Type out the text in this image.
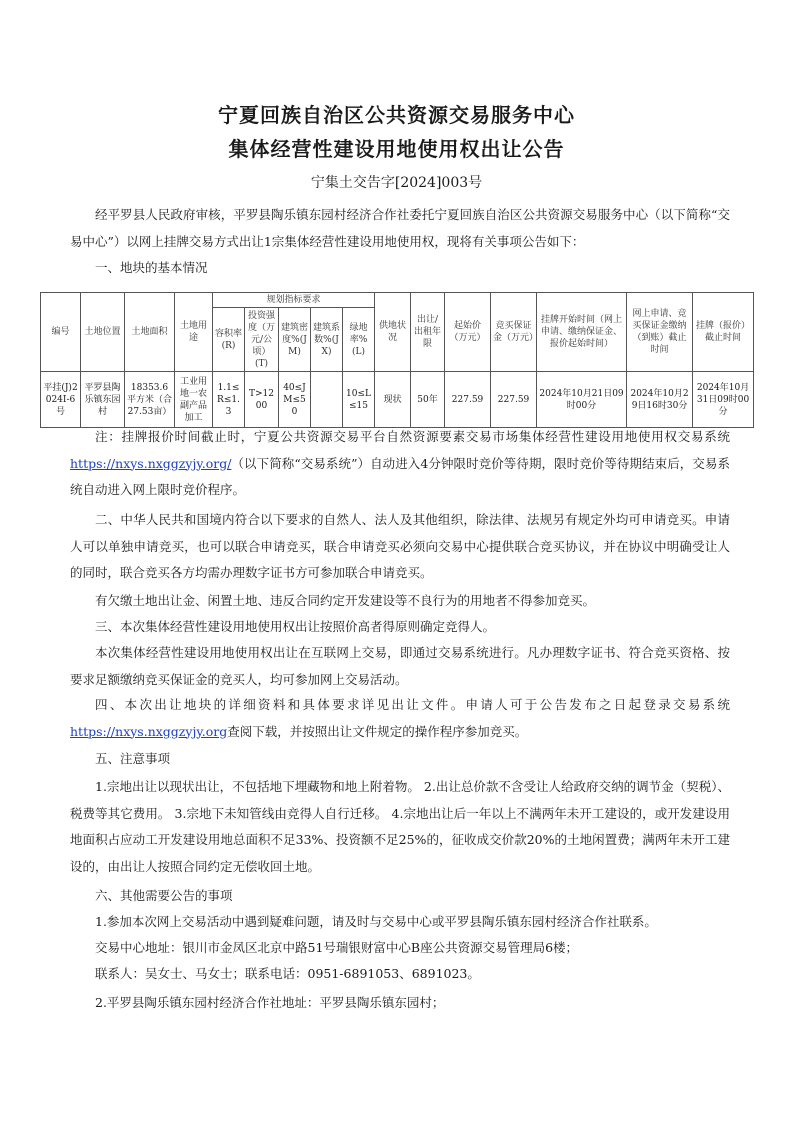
宁夏回族自治区公共资源交易服务中心
集体经营性建设用地使用权出让公告
宁集土交告字[2024]003号
经平罗县人民政府审核，平罗县陶乐镇东园村经济合作社委托宁夏回族自治区公共资源交易服务中心（以下简称“交易中心”）以网上挂牌交易方式出让1宗集体经营性建设用地使用权，现将有关事项公告如下：
一、地块的基本情况
编号	土地位置	土地面积	土地用途	规划指标要求					供地状况	出让/出租年限	起始价（万元）	竞买保证金（万元）	挂牌开始时间（网上申请、缴纳保证金、报价起始时间）	网上申请、竞买保证金缴纳（到账）截止时间	挂牌（报价）截止时间
				容积率(R)	投资强度（万元/公顷）(T)	建筑密度%(JM)	建筑系数%(JX)	绿地率%(L)							
平挂(J)2024I-6号	平罗县陶乐镇东园村	18353.6平方米（合27.53亩）	工业用地一农副产品加工	1.1≤R≤1.3	T>1200	40≤JM≤50		10≤L≤15	现状	50年	227.59	227.59	2024年10月21日09时00分	2024年10月29日16时30分	2024年10月31日09时00分
注：挂牌报价时间截止时，宁夏公共资源交易平台自然资源要素交易市场集体经营性建设用地使用权交易系统https://nxys.nxggzyjy.org/（以下简称“交易系统”）自动进入4分钟限时竞价等待期，限时竞价等待期结束后，交易系统自动进入网上限时竞价程序。
二、中华人民共和国境内符合以下要求的自然人、法人及其他组织，除法律、法规另有规定外均可申请竞买。申请人可以单独申请竞买，也可以联合申请竞买，联合申请竞买必须向交易中心提供联合竞买协议，并在协议中明确受让人的同时，联合竞买各方均需办理数字证书方可参加联合申请竞买。
有欠缴土地出让金、闲置土地、违反合同约定开发建设等不良行为的用地者不得参加竞买。
三、本次集体经营性建设用地使用权出让按照价高者得原则确定竞得人。
本次集体经营性建设用地使用权出让在互联网上交易，即通过交易系统进行。凡办理数字证书、符合竞买资格、按要求足额缴纳竞买保证金的竞买人，均可参加网上交易活动。
四、本次出让地块的详细资料和具体要求详见出让文件。申请人可于公告发布之日起登录交易系统https://nxys.nxggzyjy.org查阅下载，并按照出让文件规定的操作程序参加竞买。
五、注意事项
1.宗地出让以现状出让，不包括地下埋藏物和地上附着物。 2.出让总价款不含受让人给政府交纳的调节金（契税）、税费等其它费用。 3.宗地下未知管线由竞得人自行迁移。 4.宗地出让后一年以上不满两年未开工建设的，或开发建设用地面积占应动工开发建设用地总面积不足33%、投资额不足25%的，征收成交价款20%的土地闲置费；满两年未开工建设的，由出让人按照合同约定无偿收回土地。
六、其他需要公告的事项
1.参加本次网上交易活动中遇到疑难问题，请及时与交易中心或平罗县陶乐镇东园村经济合作社联系。
交易中心地址：银川市金凤区北京中路51号瑞银财富中心B座公共资源交易管理局6楼；
联系人：吴女士、马女士；联系电话：0951-6891053、6891023。
2.平罗县陶乐镇东园村经济合作社地址：平罗县陶乐镇东园村；
